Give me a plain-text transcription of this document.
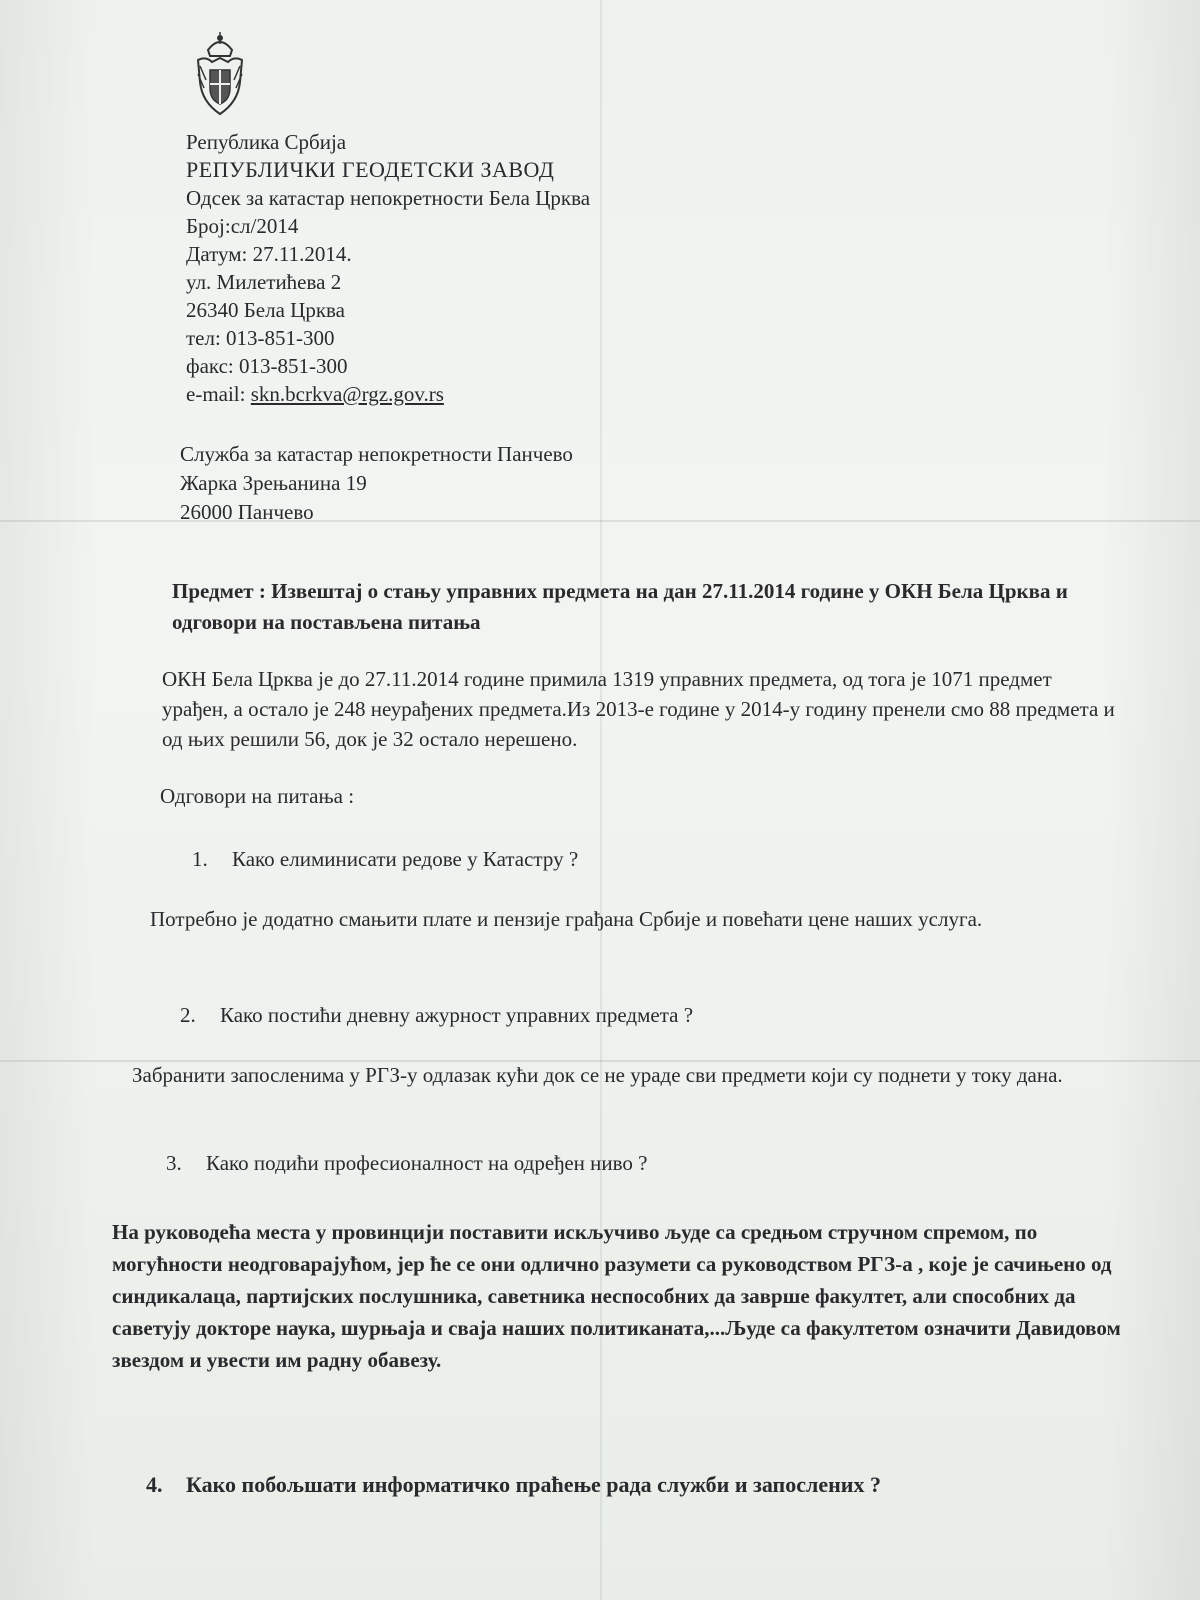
Република Србија
РЕПУБЛИЧКИ ГЕОДЕТСКИ ЗАВОД
Одсек за катастар непокретности Бела Црква
Број:сл/2014
Датум: 27.11.2014.
ул. Милетићева 2
26340 Бела Црква
тел: 013-851-300
факс: 013-851-300
e-mail: skn.bcrkva@rgz.gov.rs
Служба за катастар непокретности Панчево
Жарка Зрењанина 19
26000 Панчево
Предмет : Извештај о стању управних предмета на дан 27.11.2014 године у ОКН Бела Црква и одговори на постављена питања
ОКН Бела Црква је до 27.11.2014 године примила 1319 управних предмета, од тога је 1071 предмет урађен, а остало је 248 неурађених предмета.Из 2013-е године у 2014-у годину пренели смо 88 предмета и од њих решили 56, док је 32 остало нерешено.
Одговори на питања :
1. Како елиминисати редове у Катастру ?
Потребно је додатно смањити плате и пензије грађана Србије и повећати цене наших услуга.
2. Како постићи дневну ажурност управних предмета ?
Забранити запосленима у РГЗ-у одлазак кући док се не ураде сви предмети који су поднети у току дана.
3. Како подићи професионалност на одређен ниво ?
На руководећа места у провинцији поставити искључиво људе са средњом стручном спремом, по могућности неодговарајућом, јер ће се они одлично разумети са руководством РГЗ-а , које је сачињено од синдикалаца, партијских послушника, саветника неспособних да заврше факултет, али способних да саветују докторе наука, шурњаја и сваја наших политиканата,...Људе са факултетом означити Давидовом звездом и увести им радну обавезу.
4. Како побољшати информатичко праћење рада служби и запослених ?
